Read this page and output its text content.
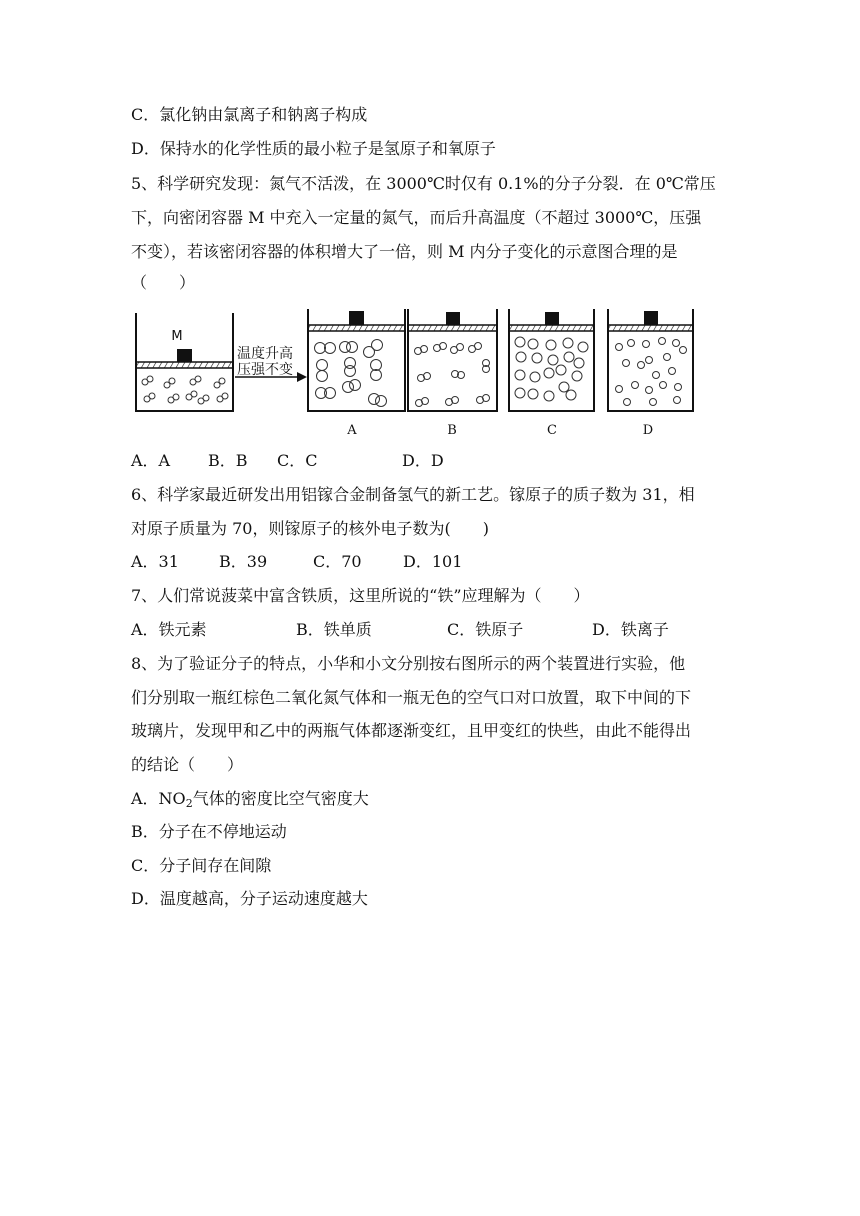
C．氯化钠由氯离子和钠离子构成
D．保持水的化学性质的最小粒子是氢原子和氧原子
5、科学研究发现：氮气不活泼，在 3000℃时仅有 0.1%的分子分裂．在 0℃常压
下，向密闭容器 M 中充入一定量的氮气，而后升高温度（不超过 3000℃，压强
不变），若该密闭容器的体积增大了一倍，则 M 内分子变化的示意图合理的是
（　　）
M
温度升高
压强不变
A	B	C	D
A．A B．B C．C	D．D
6、科学家最近研发出用铝镓合金制备氢气的新工艺。镓原子的质子数为 31，相
对原子质量为 70，则镓原子的核外电子数为(　　)
A．31	B．39	C．70	D．101
7、人们常说菠菜中富含铁质，这里所说的“铁”应理解为（　　）
A．铁元素	B．铁单质	C．铁原子	D．铁离子
8、为了验证分子的特点，小华和小文分别按右图所示的两个装置进行实验，他
们分别取一瓶红棕色二氧化氮气体和一瓶无色的空气口对口放置，取下中间的下
玻璃片，发现甲和乙中的两瓶气体都逐渐变红，且甲变红的快些，由此不能得出
的结论（　　）
A．$NO_2$气体的密度比空气密度大
B．分子在不停地运动
C．分子间存在间隙
D．温度越高，分子运动速度越大
